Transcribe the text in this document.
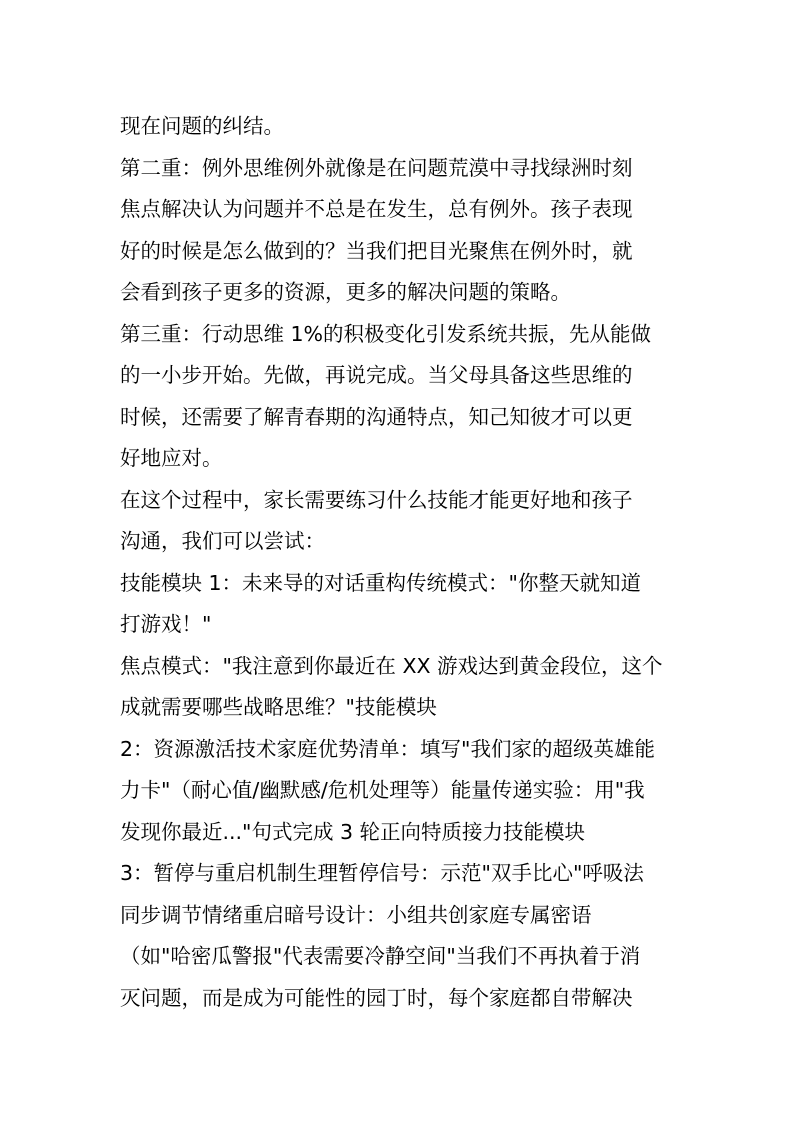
现在问题的纠结。
第二重：例外思维例外就像是在问题荒漠中寻找绿洲时刻
焦点解决认为问题并不总是在发生，总有例外。孩子表现
好的时候是怎么做到的？当我们把目光聚焦在例外时，就
会看到孩子更多的资源，更多的解决问题的策略。
第三重：行动思维 1%的积极变化引发系统共振，先从能做
的一小步开始。先做，再说完成。当父母具备这些思维的
时候，还需要了解青春期的沟通特点，知己知彼才可以更
好地应对。
在这个过程中，家长需要练习什么技能才能更好地和孩子
沟通，我们可以尝试：
技能模块 1：未来导的对话重构传统模式："你整天就知道
打游戏！"
焦点模式："我注意到你最近在 XX 游戏达到黄金段位，这个
成就需要哪些战略思维？"技能模块
2：资源激活技术家庭优势清单：填写"我们家的超级英雄能
力卡"（耐心值/幽默感/危机处理等）能量传递实验：用"我
发现你最近..."句式完成 3 轮正向特质接力技能模块
3：暂停与重启机制生理暂停信号：示范"双手比心"呼吸法
同步调节情绪重启暗号设计：小组共创家庭专属密语
（如"哈密瓜警报"代表需要冷静空间"当我们不再执着于消
灭问题，而是成为可能性的园丁时，每个家庭都自带解决
